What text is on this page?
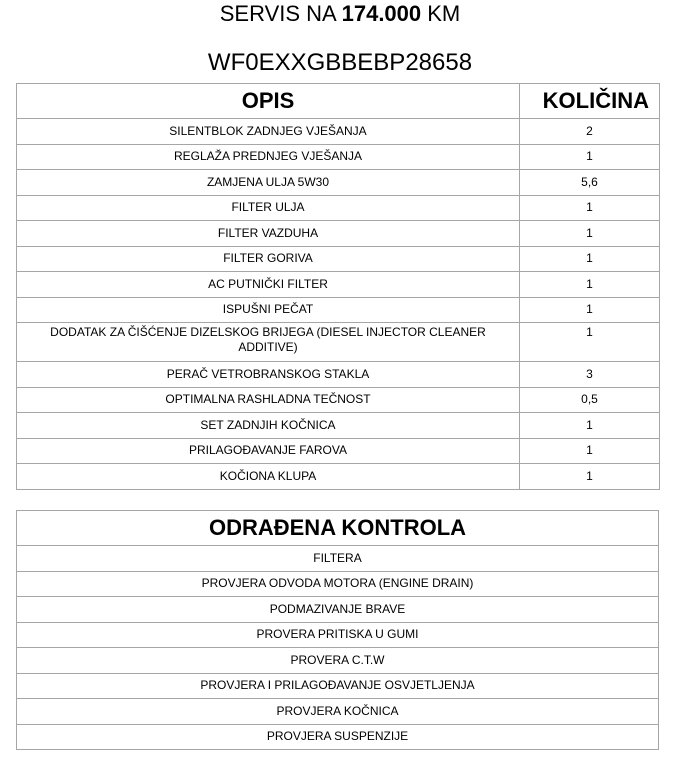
SERVIS NA 174.000 KM
WF0EXXGBBEBP28658
OPIS	KOLIČINA
SILENTBLOK ZADNJEG VJEŠANJA	2
REGLAŽA PREDNJEG VJEŠANJA	1
ZAMJENA ULJA 5W30	5,6
FILTER ULJA	1
FILTER VAZDUHA	1
FILTER GORIVA	1
AC PUTNIČKI FILTER	1
ISPUŠNI PEČAT	1
DODATAK ZA ČIŠĆENJE DIZELSKOG BRIJEGA (DIESEL INJECTOR CLEANER ADDITIVE)	1
PERAČ VETROBRANSKOG STAKLA	3
OPTIMALNA RASHLADNA TEČNOST	0,5
SET ZADNJIH KOČNICA	1
PRILAGOĐAVANJE FAROVA	1
KOČIONA KLUPA	1
ODRAĐENA KONTROLA
FILTERA
PROVJERA ODVODA MOTORA (ENGINE DRAIN)
PODMAZIVANJE BRAVE
PROVERA PRITISKA U GUMI
PROVERA C.T.W
PROVJERA I PRILAGOĐAVANJE OSVJETLJENJA
PROVJERA KOČNICA
PROVJERA SUSPENZIJE
